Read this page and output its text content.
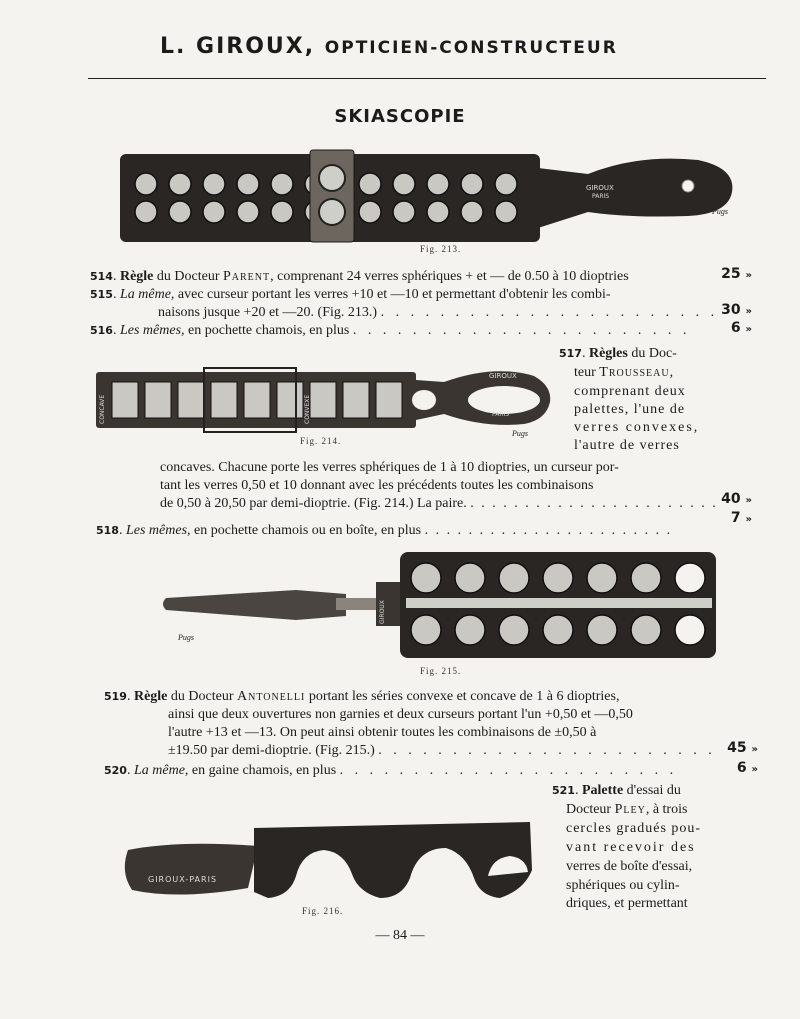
L. GIROUX, OPTICIEN-CONSTRUCTEUR
SKIASCOPIE
GIROUX
PARIS
Pugs
Fig. 213.
514. Règle du Docteur Parent, comprenant 24 verres sphériques + et — de 0.50 à 10 dioptries	25 »
515. La même, avec curseur portant les verres +10 et —10 et permettant d'obtenir les combi-
naisons jusque +20 et —20. (Fig. 213.) . . . . . . . . . . . . . . . . . . . . . . . 30 »
516. Les mêmes, en pochette chamois, en plus . . . . . . . . . . . . . . . . . . . . . . .	6 »
GIROUX
PARIS
CONCAVE	CONVEXE
Pugs
Fig. 214.
517. Règles du Doc-
teur Trousseau,
comprenant deux
palettes, l'une de
verres convexes,
l'autre de verres
concaves. Chacune porte les verres sphériques de 1 à 10 dioptries, un curseur por-
tant les verres 0,50 et 10 donnant avec les précédents toutes les combinaisons
de 0,50 à 20,50 par demi-dioptrie. (Fig. 214.) La paire. . . . . . . . . . . . . . . . . . . . . . . . 40 »
518. Les mêmes, en pochette chamois ou en boîte, en plus . . . . . . . . . . . . . . . . . . . . . . .
7 »
Pugs
GIROUX
Fig. 215.
519. Règle du Docteur Antonelli portant les séries convexe et concave de 1 à 6 dioptries,
ainsi que deux ouvertures non garnies et deux curseurs portant l'un +0,50 et —0,50
l'autre +13 et —13. On peut ainsi obtenir toutes les combinaisons de ±0,50 à
±19.50 par demi-dioptrie. (Fig. 215.) . . . . . . . . . . . . . . . . . . . . . . . 45 »
520. La même, en gaine chamois, en plus . . . . . . . . . . . . . . . . . . . . . . .	6 »
521. Palette d'essai du
Docteur Pley, à trois
cercles gradués pou-
vant recevoir des
verres de boîte d'essai,
sphériques ou cylin-
driques, et permettant
GIROUX-PARIS
Fig. 216.
— 84 —
